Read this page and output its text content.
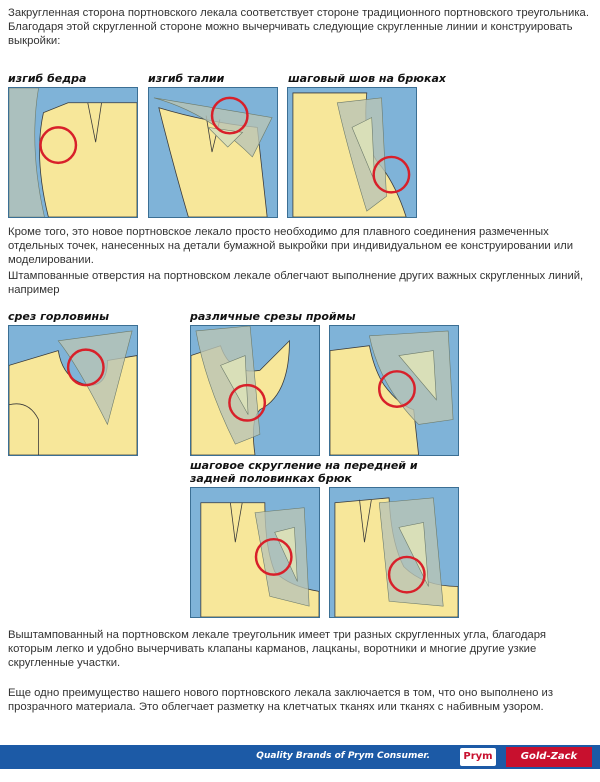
Закругленная сторона портновского лекала соответствует стороне традиционного портновского треугольника. Благодаря этой скругленной стороне можно вычерчивать следующие скругленные линии и конструировать выкройки:

изгиб бедра	изгиб талии	шаговый шов на брюках

Кроме того, это новое портновское лекало просто необходимо для плавного соединения размеченных отдельных точек, нанесенных на детали бумажной выкройки при индивидуальном ее конструировании или моделировании.

Штампованные отверстия на портновском лекале облегчают выполнение других важных скругленных линий, например

срез горловины	различные срезы проймы

шаговое скругление на передней и

задней половинках брюк

Выштампованный на портновском лекале треугольник имеет три разных скругленных угла, благодаря которым легко и удобно вычерчивать клапаны карманов, лацканы, воротники и многие другие узкие скругленные участки.

Еще одно преимущество нашего нового портновского лекала заключается в том, что оно выполнено из прозрачного материала. Это облегчает разметку на клетчатых тканях или тканях с набивным узором.

Quality Brands of Prym Consumer.	Prym	Gold-Zack
